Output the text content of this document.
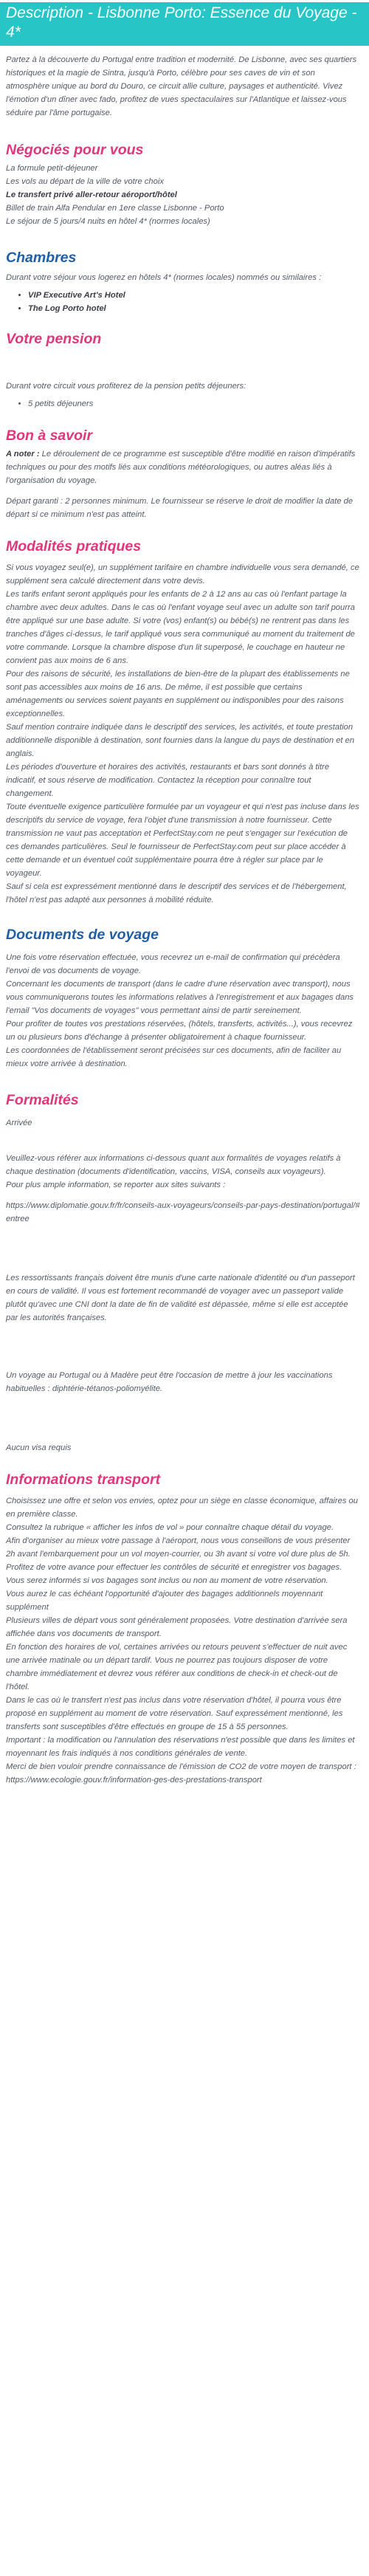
Description - Lisbonne Porto: Essence du Voyage - 4*

Partez à la découverte du Portugal entre tradition et modernité. De Lisbonne, avec ses quartiers historiques et la magie de Sintra, jusqu'à Porto, célèbre pour ses caves de vin et son atmosphère unique au bord du Douro, ce circuit allie culture, paysages et authenticité. Vivez l'émotion d'un dîner avec fado, profitez de vues spectaculaires sur l'Atlantique et laissez-vous séduire par l'âme portugaise.

Négociés pour vous
La formule petit-déjeuner
Les vols au départ de la ville de votre choix
Le transfert privé aller-retour aéroport/hôtel
Billet de train Alfa Pendular en 1ere classe Lisbonne - Porto
Le séjour de 5 jours/4 nuits en hôtel 4* (normes locales)
Chambres

Durant votre séjour vous logerez en hôtels 4* (normes locales) nommés ou similaires :

• VIP Executive Art's Hotel
• The Log Porto hotel
Votre pension

Durant votre circuit vous profiterez de la pension petits déjeuners:

• 5 petits déjeuners
Bon à savoir

A noter : Le déroulement de ce programme est susceptible d'être modifié en raison d'impératifs techniques ou pour des motifs liés aux conditions météorologiques, ou autres aléas liés à l'organisation du voyage.

Départ garanti : 2 personnes minimum. Le fournisseur se réserve le droit de modifier la date de départ si ce minimum n'est pas atteint.

Modalités pratiques

Si vous voyagez seul(e), un supplément tarifaire en chambre individuelle vous sera demandé, ce supplément sera calculé directement dans votre devis.

Les tarifs enfant seront appliqués pour les enfants de 2 à 12 ans au cas où l'enfant partage la chambre avec deux adultes. Dans le cas où l'enfant voyage seul avec un adulte son tarif pourra être appliqué sur une base adulte. Si votre (vos) enfant(s) ou bébé(s) ne rentrent pas dans les tranches d'âges ci-dessus, le tarif appliqué vous sera communiqué au moment du traitement de votre commande. Lorsque la chambre dispose d'un lit superposé, le couchage en hauteur ne convient pas aux moins de 6 ans.

Pour des raisons de sécurité, les installations de bien-être de la plupart des établissements ne sont pas accessibles aux moins de 16 ans. De même, il est possible que certains aménagements ou services soient payants en supplément ou indisponibles pour des raisons exceptionnelles.

Sauf mention contraire indiquée dans le descriptif des services, les activités, et toute prestation additionnelle disponible à destination, sont fournies dans la langue du pays de destination et en anglais.

Les périodes d'ouverture et horaires des activités, restaurants et bars sont donnés à titre indicatif, et sous réserve de modification. Contactez la réception pour connaître tout changement.

Toute éventuelle exigence particulière formulée par un voyageur et qui n'est pas incluse dans les descriptifs du service de voyage, fera l'objet d'une transmission à notre fournisseur. Cette transmission ne vaut pas acceptation et PerfectStay.com ne peut s'engager sur l'exécution de ces demandes particulières. Seul le fournisseur de PerfectStay.com peut sur place accéder à cette demande et un éventuel coût supplémentaire pourra être à régler sur place par le voyageur.

Sauf si cela est expressément mentionné dans le descriptif des services et de l'hébergement, l'hôtel n'est pas adapté aux personnes à mobilité réduite.

Documents de voyage

Une fois votre réservation effectuée, vous recevrez un e-mail de confirmation qui précèdera l'envoi de vos documents de voyage.

Concernant les documents de transport (dans le cadre d'une réservation avec transport), nous vous communiquerons toutes les informations relatives à l'enregistrement et aux bagages dans l'email "Vos documents de voyages" vous permettant ainsi de partir sereinement.

Pour profiter de toutes vos prestations réservées, (hôtels, transferts, activités...), vous recevrez un ou plusieurs bons d'échange à présenter obligatoirement à chaque fournisseur.

Les coordonnées de l'établissement seront précisées sur ces documents, afin de faciliter au mieux votre arrivée à destination.

Formalités

Arrivée

Veuillez-vous référer aux informations ci-dessous quant aux formalités de voyages relatifs à chaque destination (documents d'identification, vaccins, VISA, conseils aux voyageurs).

Pour plus ample information, se reporter aux sites suivants :

https://www.diplomatie.gouv.fr/fr/conseils-aux-voyageurs/conseils-par-pays-destination/portugal/#entree

Les ressortissants français doivent être munis d'une carte nationale d'identité ou d'un passeport en cours de validité. Il vous est fortement recommandé de voyager avec un passeport valide plutôt qu'avec une CNI dont la date de fin de validité est dépassée, même si elle est acceptée par les autorités françaises.

Un voyage au Portugal ou à Madère peut être l'occasion de mettre à jour les vaccinations habituelles : diphtérie-tétanos-poliomyélite.

Aucun visa requis

Informations transport

Choisissez une offre et selon vos envies, optez pour un siège en classe économique, affaires ou en première classe.

Consultez la rubrique « afficher les infos de vol » pour connaître chaque détail du voyage.

Afin d'organiser au mieux votre passage à l'aéroport, nous vous conseillons de vous présenter 2h avant l'embarquement pour un vol moyen-courrier, ou 3h avant si votre vol dure plus de 5h. Profitez de votre avance pour effectuer les contrôles de sécurité et enregistrer vos bagages.

Vous serez informés si vos bagages sont inclus ou non au moment de votre réservation.

Vous aurez le cas échéant l'opportunité d'ajouter des bagages additionnels moyennant supplément

Plusieurs villes de départ vous sont généralement proposées. Votre destination d'arrivée sera affichée dans vos documents de transport.

En fonction des horaires de vol, certaines arrivées ou retours peuvent s'effectuer de nuit avec une arrivée matinale ou un départ tardif. Vous ne pourrez pas toujours disposer de votre chambre immédiatement et devrez vous référer aux conditions de check-in et check-out de l'hôtel.

Dans le cas où le transfert n'est pas inclus dans votre réservation d'hôtel, il pourra vous être proposé en supplément au moment de votre réservation. Sauf expressément mentionné, les transferts sont susceptibles d'être effectués en groupe de 15 à 55 personnes.

Important : la modification ou l'annulation des réservations n'est possible que dans les limites et moyennant les frais indiqués à nos conditions générales de vente.

Merci de bien vouloir prendre connaissance de l'émission de CO2 de votre moyen de transport : https://www.ecologie.gouv.fr/information-ges-des-prestations-transport
